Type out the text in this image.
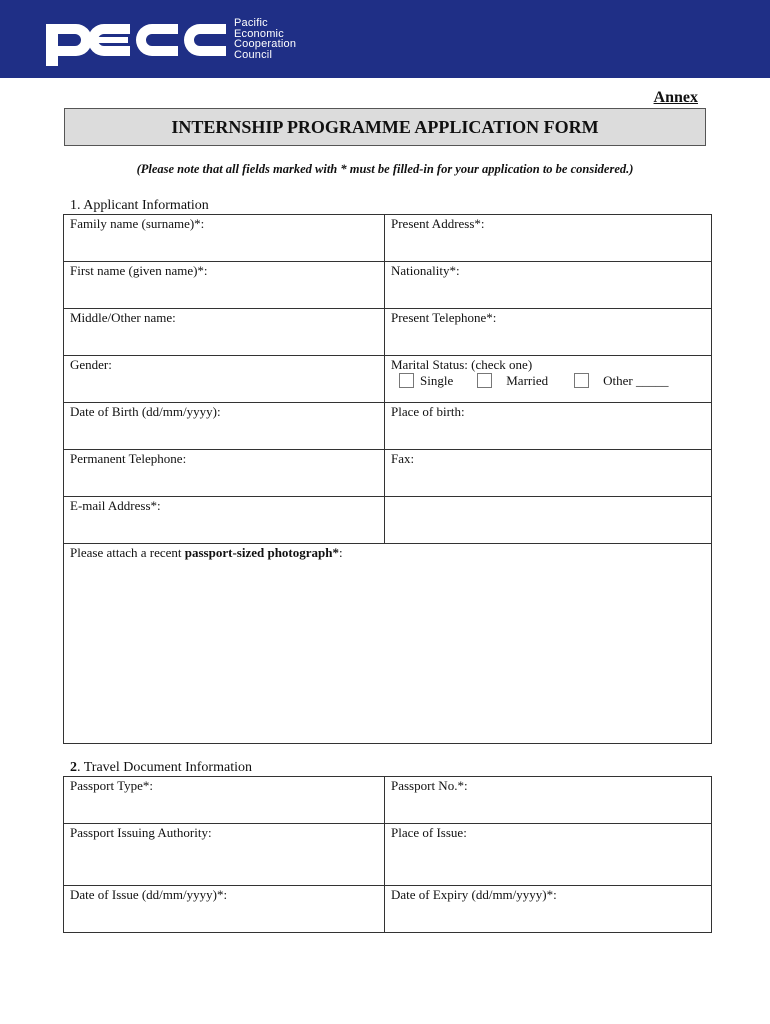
Pacific
Economic
Cooperation
Council
Annex
INTERNSHIP PROGRAMME APPLICATION FORM
(Please note that all fields marked with * must be filled-in for your application to be considered.)
1. Applicant Information
Family name (surname)*:	Present Address*:
First name (given name)*:	Nationality*:
Middle/Other name:	Present Telephone*:
Gender:	Marital Status: (check one)
Single Married Other _____

Date of Birth (dd/mm/yyyy):	Place of birth:
Permanent Telephone:	Fax:
E-mail Address*:	
Please attach a recent passport-sized photograph*:	
2. Travel Document Information
Passport Type*:	Passport No.*:
Passport Issuing Authority:	Place of Issue:
Date of Issue (dd/mm/yyyy)*:	Date of Expiry (dd/mm/yyyy)*:
